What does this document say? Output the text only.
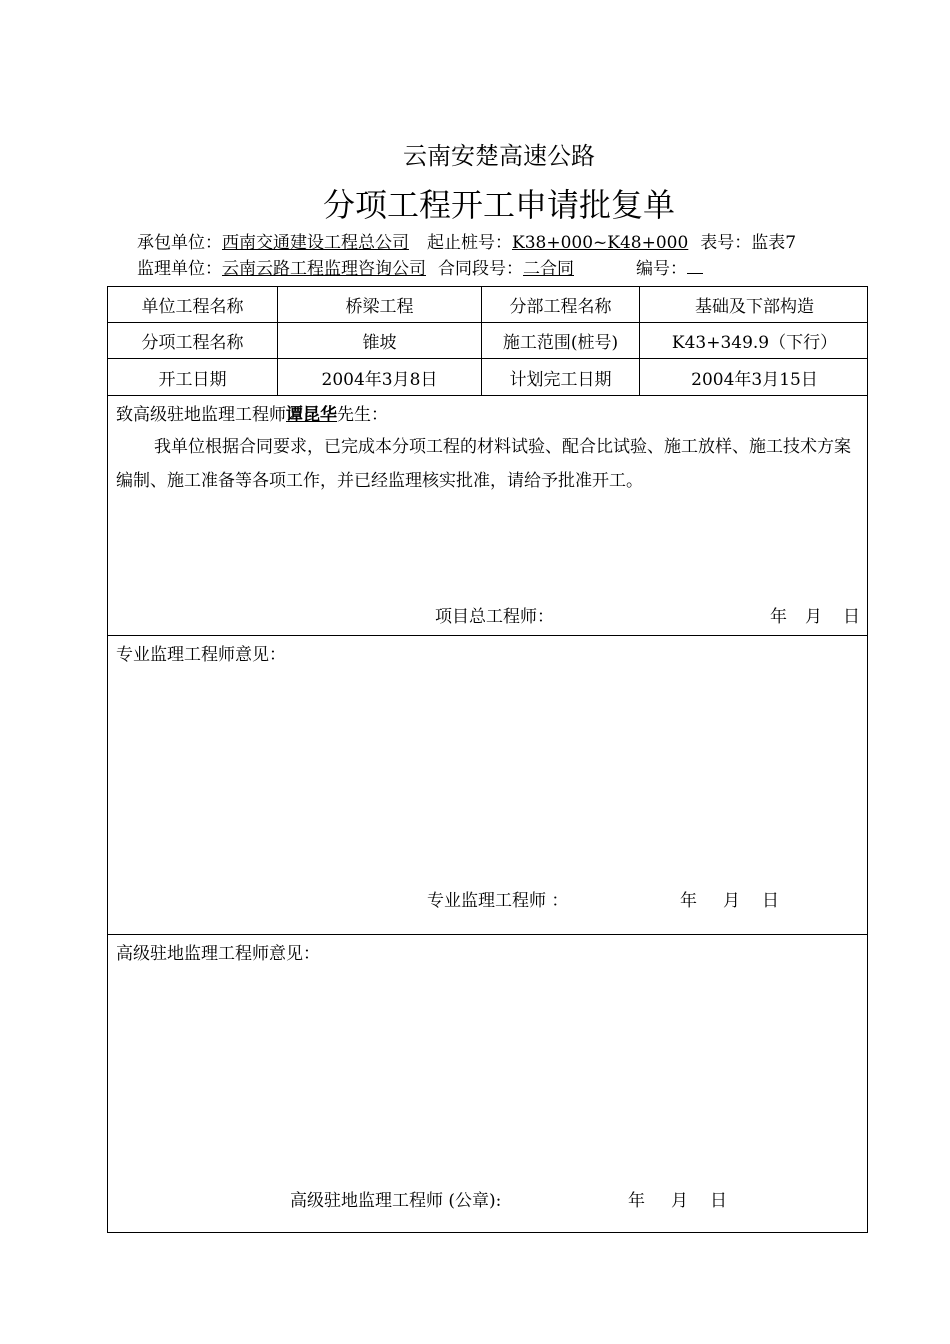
云南安楚高速公路
分项工程开工申请批复单
承包单位：西南交通建设工程总公司 起止桩号：K38+000~K48+000 表号：监表7
监理单位：云南云路工程监理咨询公司 合同段号：二合同	编号：
单位工程名称	桥梁工程	分部工程名称	基础及下部构造
分项工程名称	锥坡	施工范围(桩号)	K43+349.9（下行）
开工日期	2004年3月8日	计划完工日期	2004年3月15日
致高级驻地监理工程师谭昆华先生：
我单位根据合同要求，已完成本分项工程的材料试验、配合比试验、施工放样、施工技术方案编制、施工准备等各项工作，并已经监理核实批准，请给予批准开工。
项目总工程师：	年 月 日
专业监理工程师意见：
专业监理工程师 ：	年 月 日
高级驻地监理工程师意见：
高级驻地监理工程师 (公章):	年 月 日
